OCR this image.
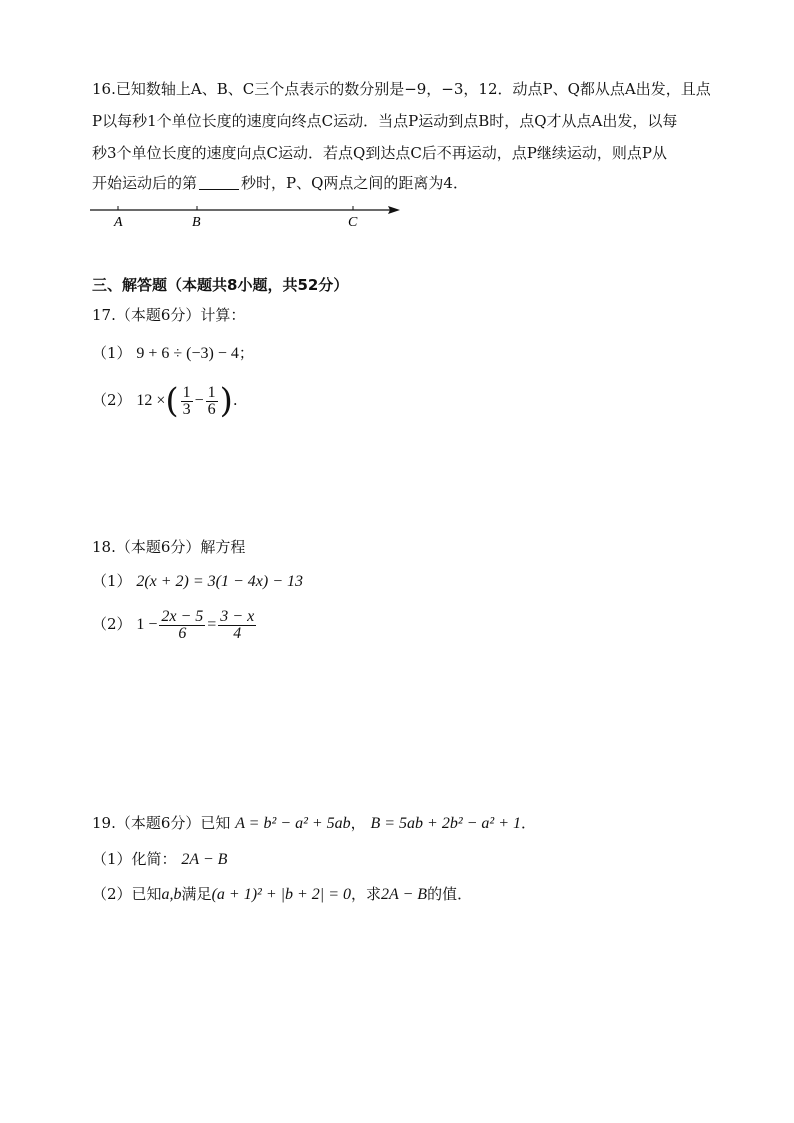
16.已知数轴上A、B、C三个点表示的数分别是−9，−3，12．动点P、Q都从点A出发，且点
P以每秒1个单位长度的速度向终点C运动．当点P运动到点B时，点Q才从点A出发，以每
秒3个单位长度的速度向点C运动．若点Q到达点C后不再运动，点P继续运动，则点P从
开始运动后的第	秒时，P、Q两点之间的距离为4．
A	B	C
三、解答题（本题共8小题，共52分）
17.（本题6分）计算：
（1） 9 + 6 ÷ (−3) − 4；
（2） 12 ×( $\frac{1}{3} - \frac{1}{6}$ ).
18.（本题6分）解方程
（1） 2(x + 2) = 3(1 − 4x) − 13
（2） $1 - \frac{2x - 5}{6} = \frac{3 - x}{4}$
19.（本题6分）已知 A = b² − a² + 5ab， B = 5ab + 2b² − a² + 1．
（1）化简： 2A − B
（2）已知a,b满足(a + 1)² + |b + 2| = 0，求2A − B的值．
